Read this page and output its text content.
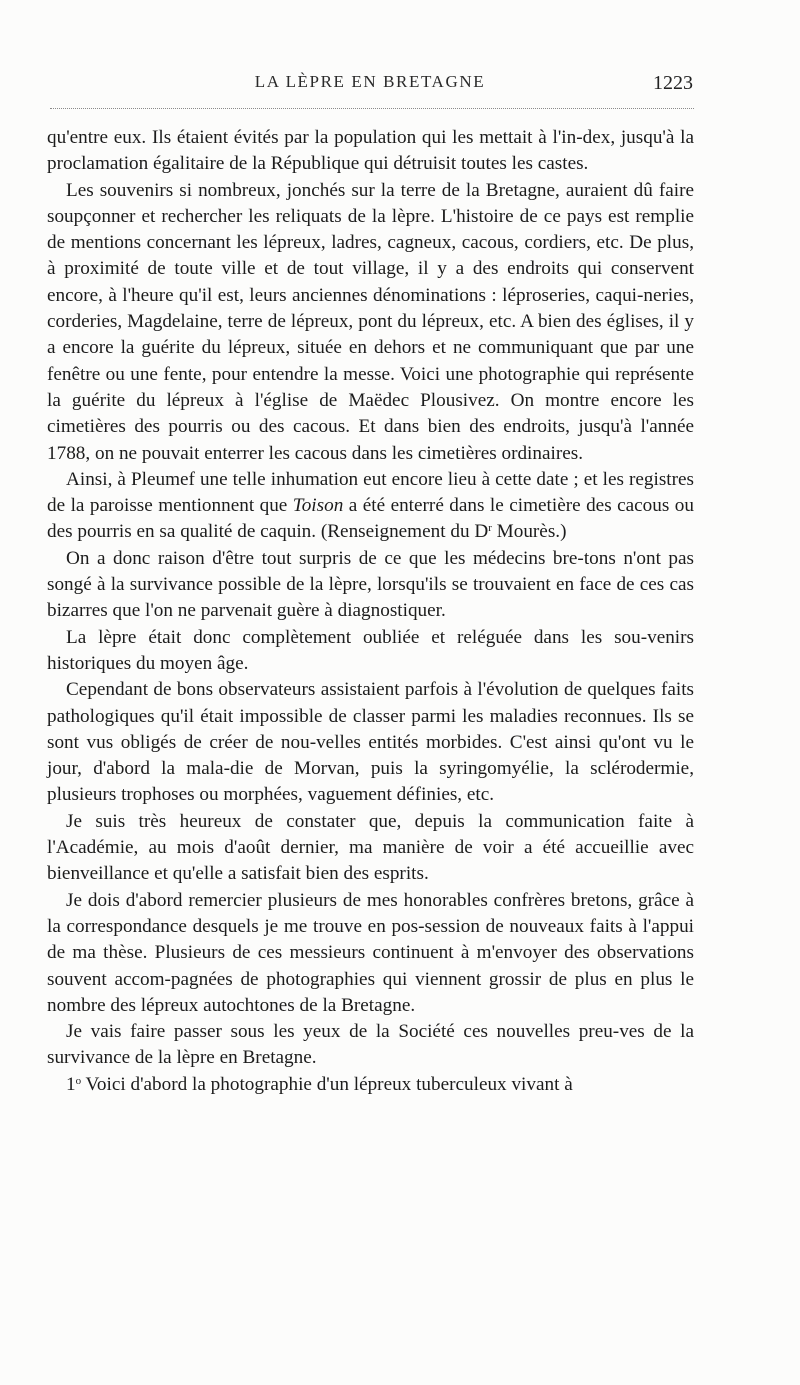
LA LÈPRE EN BRETAGNE	1223

qu'entre eux. Ils étaient évités par la population qui les mettait à l'in-dex, jusqu'à la proclamation égalitaire de la République qui détruisit toutes les castes.

Les souvenirs si nombreux, jonchés sur la terre de la Bretagne, auraient dû faire soupçonner et rechercher les reliquats de la lèpre. L'histoire de ce pays est remplie de mentions concernant les lépreux, ladres, cagneux, cacous, cordiers, etc. De plus, à proximité de toute ville et de tout village, il y a des endroits qui conservent encore, à l'heure qu'il est, leurs anciennes dénominations : léproseries, caqui-neries, corderies, Magdelaine, terre de lépreux, pont du lépreux, etc. A bien des églises, il y a encore la guérite du lépreux, située en dehors et ne communiquant que par une fenêtre ou une fente, pour entendre la messe. Voici une photographie qui représente la guérite du lépreux à l'église de Maëdec Plousivez. On montre encore les cimetières des pourris ou des cacous. Et dans bien des endroits, jusqu'à l'année 1788, on ne pouvait enterrer les cacous dans les cimetières ordinaires.

Ainsi, à Pleumef une telle inhumation eut encore lieu à cette date ; et les registres de la paroisse mentionnent que Toison a été enterré dans le cimetière des cacous ou des pourris en sa qualité de caquin. (Renseignement du $D^r$ Mourès.)

On a donc raison d'être tout surpris de ce que les médecins bre-tons n'ont pas songé à la survivance possible de la lèpre, lorsqu'ils se trouvaient en face de ces cas bizarres que l'on ne parvenait guère à diagnostiquer.

La lèpre était donc complètement oubliée et reléguée dans les sou-venirs historiques du moyen âge.

Cependant de bons observateurs assistaient parfois à l'évolution de quelques faits pathologiques qu'il était impossible de classer parmi les maladies reconnues. Ils se sont vus obligés de créer de nou-velles entités morbides. C'est ainsi qu'ont vu le jour, d'abord la mala-die de Morvan, puis la syringomyélie, la sclérodermie, plusieurs trophoses ou morphées, vaguement définies, etc.

Je suis très heureux de constater que, depuis la communication faite à l'Académie, au mois d'août dernier, ma manière de voir a été accueillie avec bienveillance et qu'elle a satisfait bien des esprits.

Je dois d'abord remercier plusieurs de mes honorables confrères bretons, grâce à la correspondance desquels je me trouve en pos-session de nouveaux faits à l'appui de ma thèse. Plusieurs de ces messieurs continuent à m'envoyer des observations souvent accom-pagnées de photographies qui viennent grossir de plus en plus le nombre des lépreux autochtones de la Bretagne.

Je vais faire passer sous les yeux de la Société ces nouvelles preu-ves de la survivance de la lèpre en Bretagne.

1$^o$ Voici d'abord la photographie d'un lépreux tuberculeux vivant à
